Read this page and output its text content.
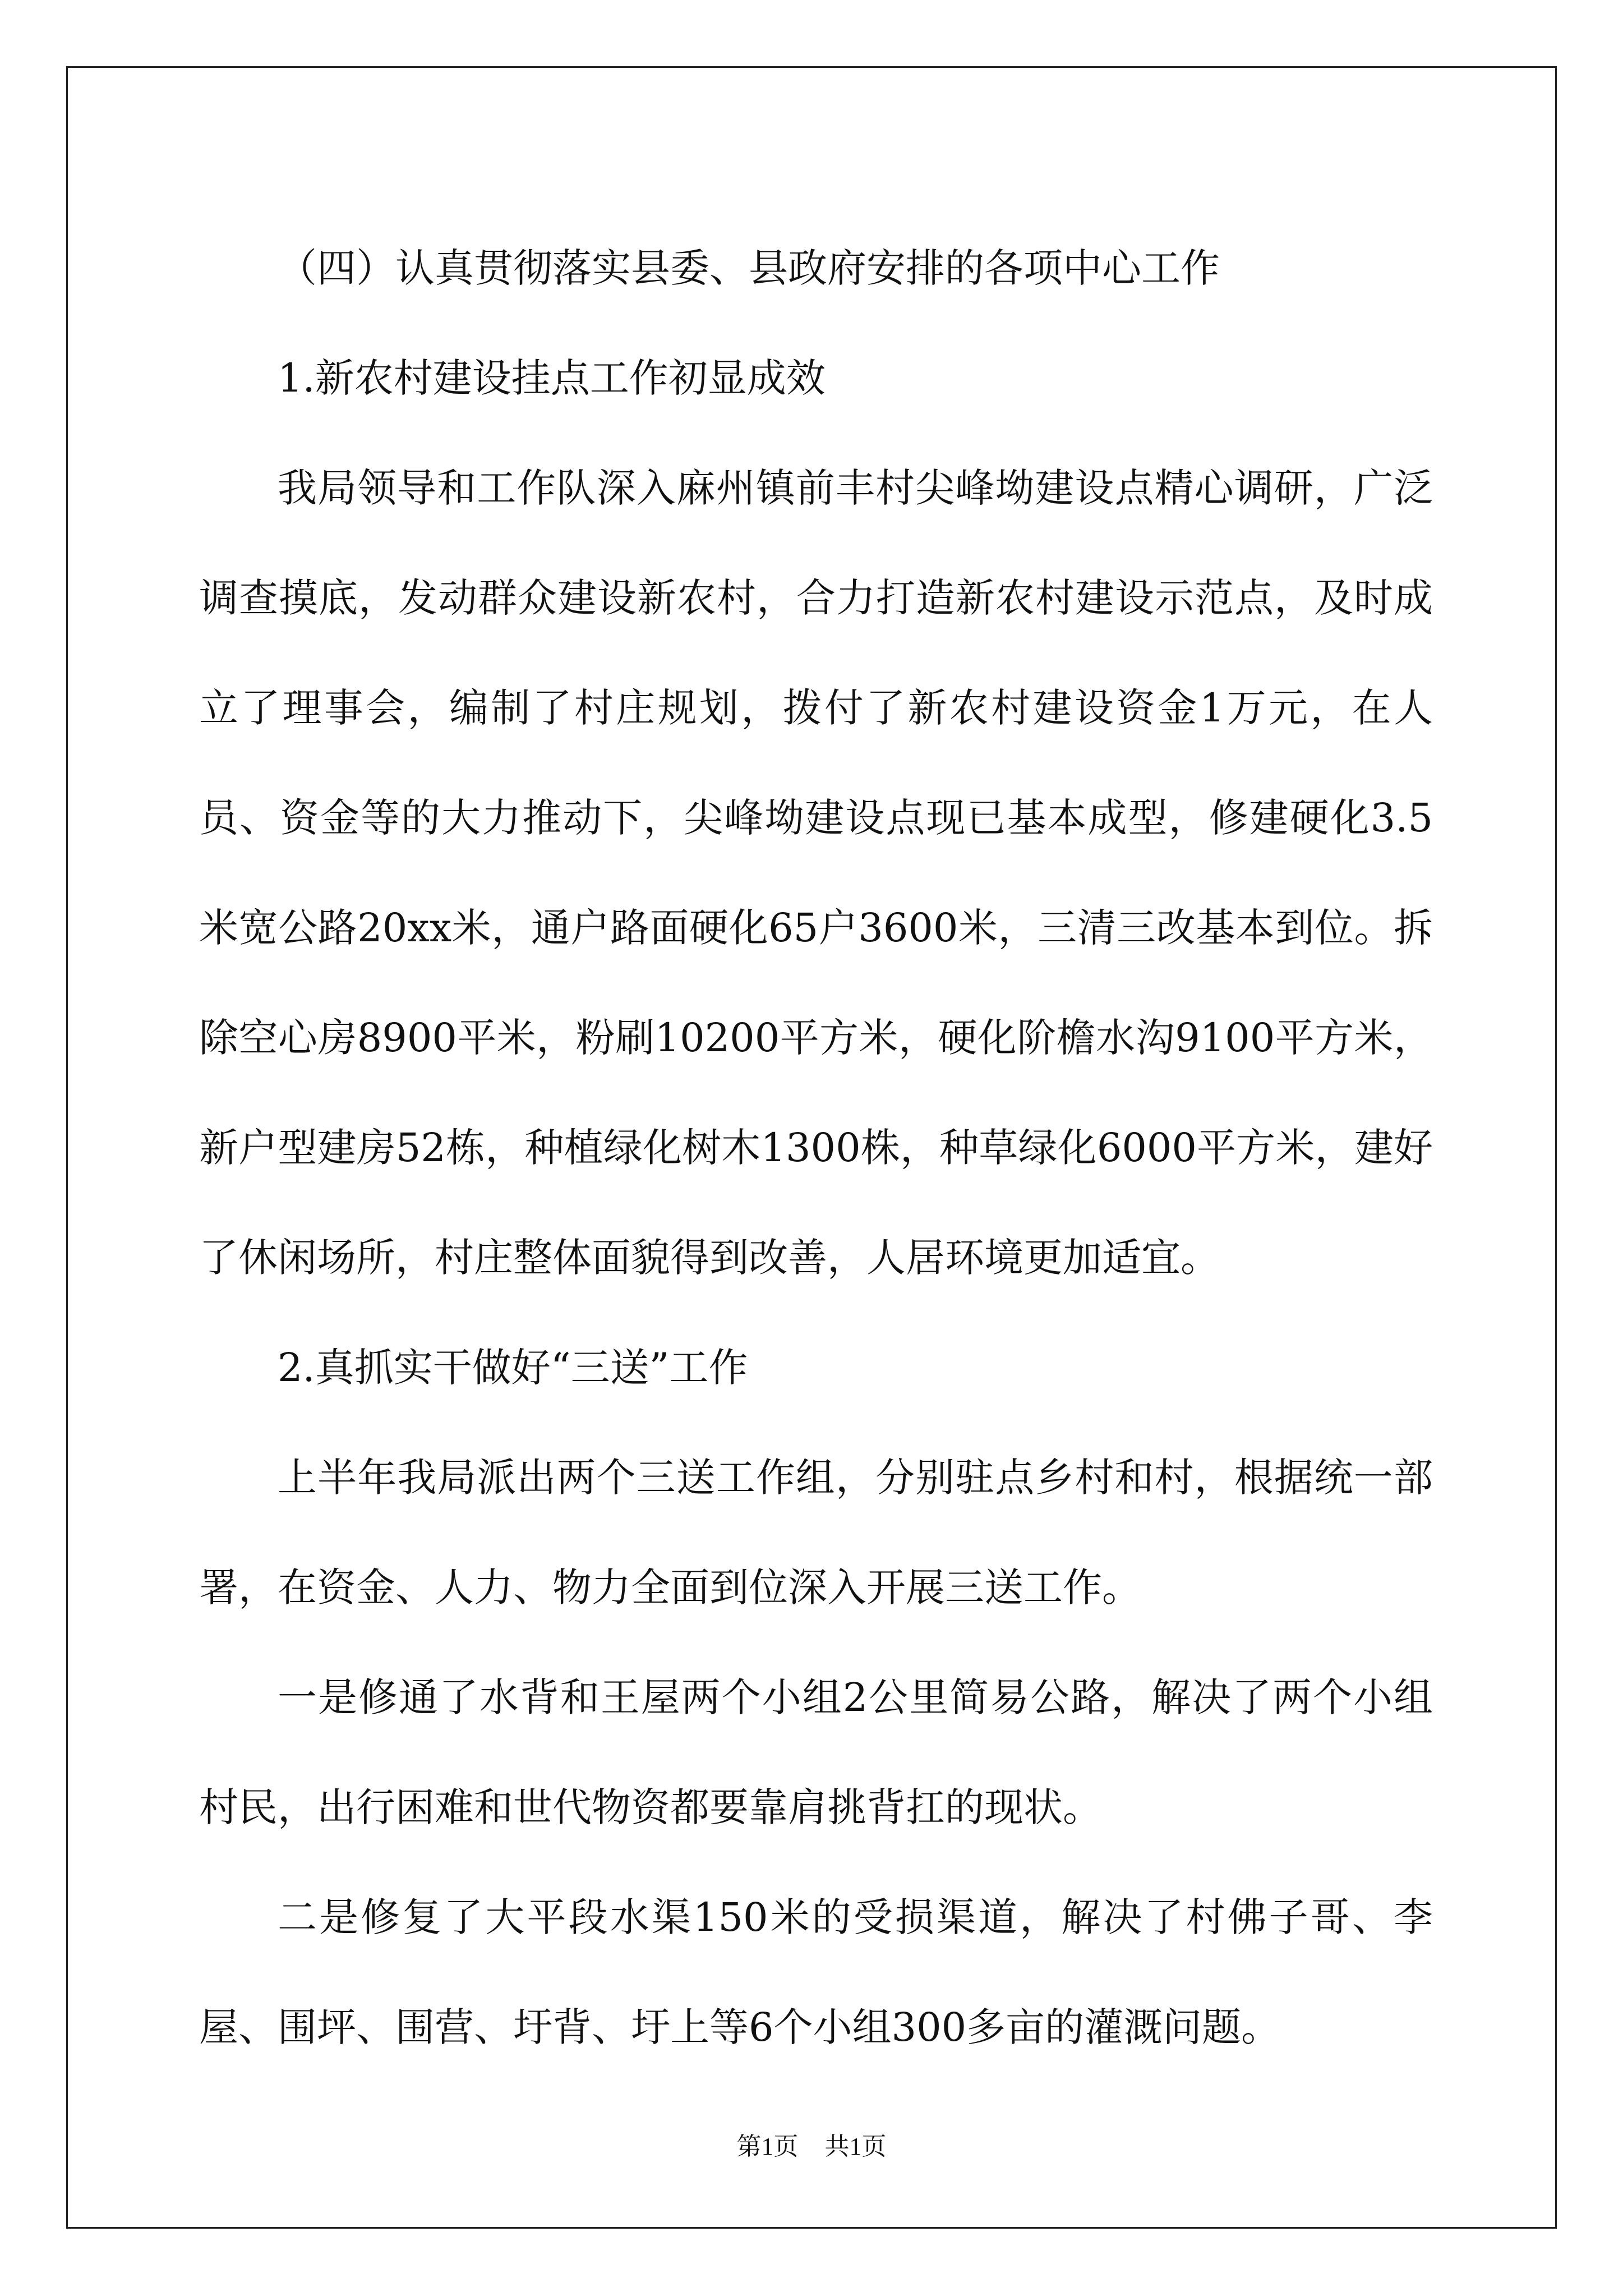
（四）认真贯彻落实县委、县政府安排的各项中心工作

1.新农村建设挂点工作初显成效

我局领导和工作队深入麻州镇前丰村尖峰坳建设点精心调研，广泛调查摸底，发动群众建设新农村，合力打造新农村建设示范点，及时成立了理事会，编制了村庄规划，拨付了新农村建设资金1万元，在人员、资金等的大力推动下，尖峰坳建设点现已基本成型，修建硬化3.5米宽公路20xx米，通户路面硬化65户3600米，三清三改基本到位。拆除空心房8900平米，粉刷10200平方米，硬化阶檐水沟9100平方米，新户型建房52栋，种植绿化树木1300株，种草绿化6000平方米，建好了休闲场所，村庄整体面貌得到改善，人居环境更加适宜。

2.真抓实干做好“三送”工作

上半年我局派出两个三送工作组，分别驻点乡村和村，根据统一部署，在资金、人力、物力全面到位深入开展三送工作。

一是修通了水背和王屋两个小组2公里简易公路，解决了两个小组村民，出行困难和世代物资都要靠肩挑背扛的现状。

二是修复了大平段水渠150米的受损渠道，解决了村佛子哥、李屋、围坪、围营、圩背、圩上等6个小组300多亩的灌溉问题。

第1页 共1页
